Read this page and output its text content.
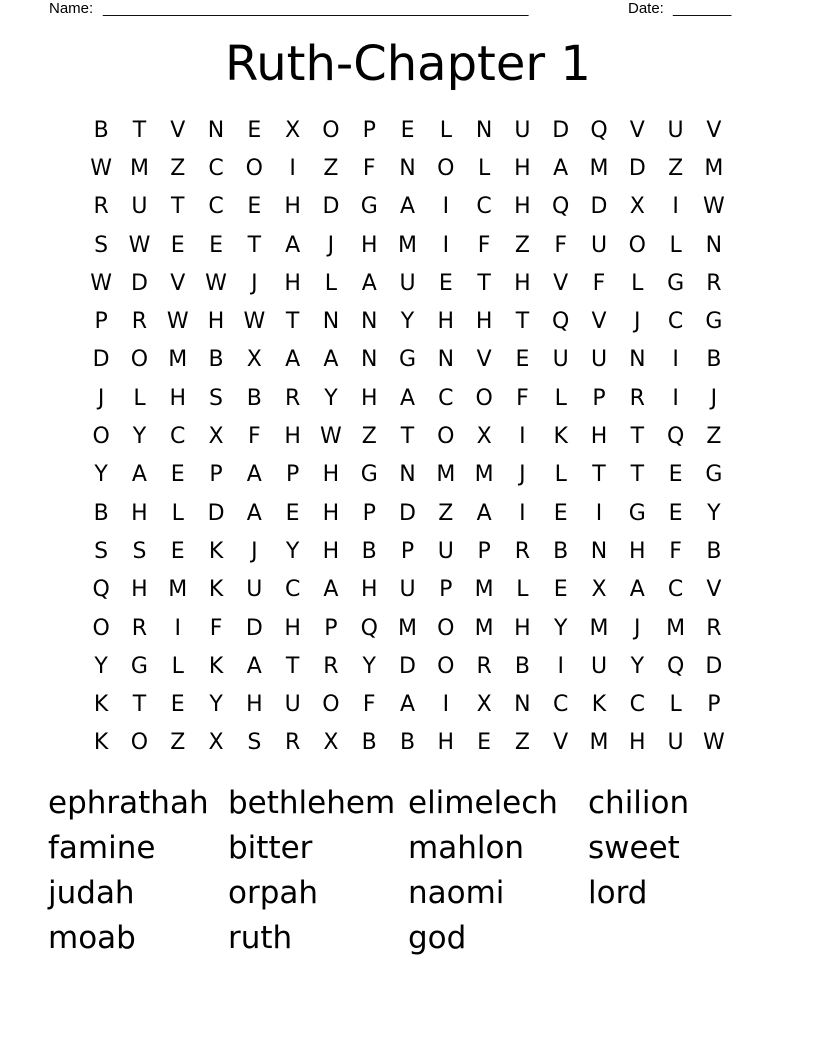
Name: ___________________________________________________	Date: _______
Ruth-Chapter 1
B	T	V	N	E	X	O	P	E	L	N	U D Q	V	U	V
W M Z	C O	I	Z	F	N O	L	H	A M D	Z M
R	U	T	C	E	H D G	A	I	C	H Q D	X	I	W
S W E	E	T	A	J	H M	I	F	Z	F	U O	L	N
W D	V W	J	H	L	A	U	E	T	H	V	F	L	G	R
P	R W H W T	N N	Y	H H	T	Q	V	J	C	G
D O M B	X	A	A	N G N	V	E	U	U	N	I	B
J	L	H	S	B	R	Y	H	A	C O	F	L	P	R	I	J
O	Y	C	X	F	H W Z	T	O	X	I	K	H	T	Q	Z
Y	A	E	P	A	P	H G N M M	J	L	T	T	E	G
B	H	L	D	A	E	H	P	D	Z	A	I	E	I	G	E	Y
S	S	E	K	J	Y	H	B	P	U	P	R	B	N H	F	B
Q H M K	U	C	A	H U	P	M	L	E	X	A	C	V
O R	I	F	D H	P	Q M O M H	Y	M	J	M R
Y	G	L	K	A	T	R	Y	D O R	B	I	U	Y	Q D
K	T	E	Y	H U O	F	A	I	X	N	C	K	C	L	P
K	O	Z	X	S	R	X	B	B	H	E	Z	V M H U W
ephrathah bethlehem elimelech chilion
famine	bitter	mahlon	sweet
judah	orpah	naomi	lord
moab	ruth	god
